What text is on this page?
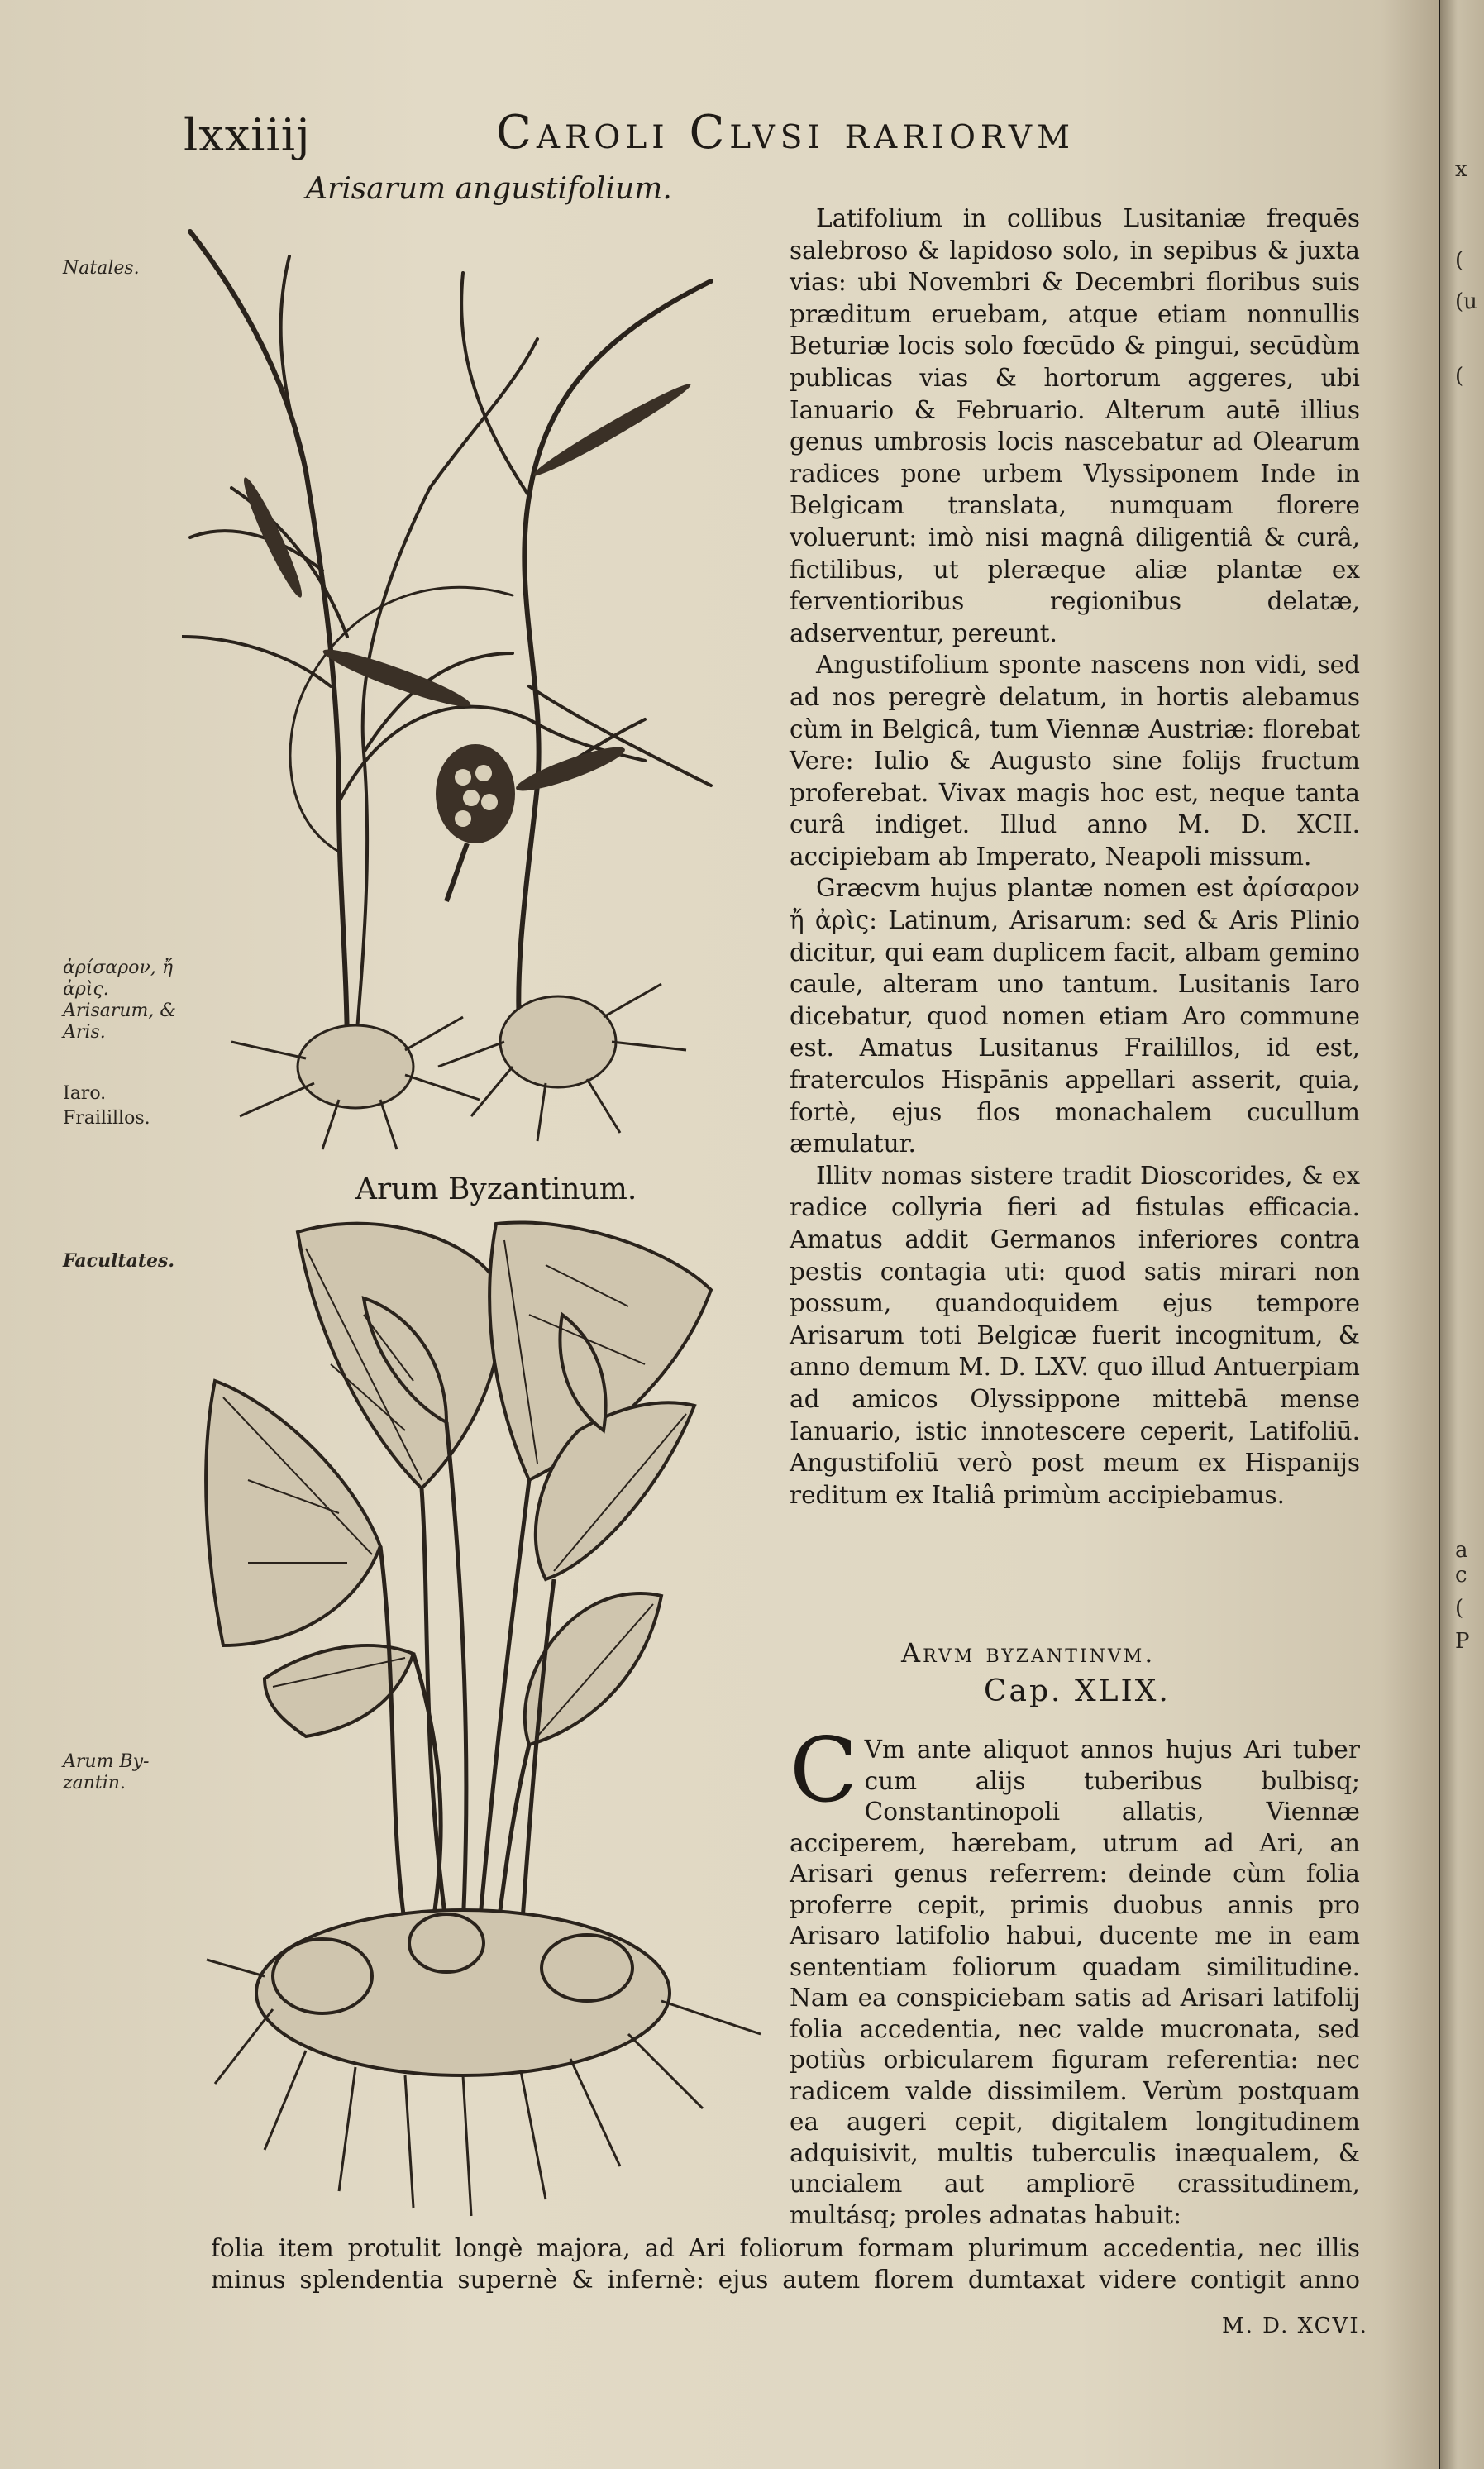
lxxiiij	Caroli Clvsi rariorvm
Arisarum angustifolium.
Arum Byzantinum.
Natales.
ἀρίσαρον, ἤ ἀρὶς.
Arisarum, & Aris.
Iaro.
Frailillos.
Facultates.
Arum By- zantin.

Latifolium in collibus Lusitaniæ frequēs salebroso & lapidoso solo, in sepibus & juxta vias: ubi Novembri & Decembri floribus suis præditum eruebam, atque etiam nonnullis Beturiæ locis solo fœcūdo & pingui, secūdùm publicas vias & hortorum aggeres, ubi Ianuario & Februario. Alterum autē illius genus umbrosis locis nascebatur ad Olearum radices pone urbem Vlyssiponem Inde in Belgicam translata, numquam florere voluerunt: imò nisi magnâ diligentiâ & curâ, fictilibus, ut pleræque aliæ plantæ ex ferventioribus regionibus delatæ, adserventur, pereunt.

Angustifolium sponte nascens non vidi, sed ad nos peregrè delatum, in hortis alebamus cùm in Belgicâ, tum Viennæ Austriæ: florebat Vere: Iulio & Augusto sine folijs fructum proferebat. Vivax magis hoc est, neque tanta curâ indiget. Illud anno M. D. XCII. accipiebam ab Imperato, Neapoli missum.

Græcvm hujus plantæ nomen est ἀρίσαρον ἤ ἀρὶς: Latinum, Arisarum: sed & Aris Plinio dicitur, qui eam duplicem facit, albam gemino caule, alteram uno tantum. Lusitanis Iaro dicebatur, quod nomen etiam Aro commune est. Amatus Lusitanus Frailillos, id est, fraterculos Hispānis appellari asserit, quia, fortè, ejus flos monachalem cucullum æmulatur.

Illitv nomas sistere tradit Dioscorides, & ex radice collyria fieri ad fistulas efficacia. Amatus addit Germanos inferiores contra pestis contagia uti: quod satis mirari non possum, quandoquidem ejus tempore Arisarum toti Belgicæ fuerit incognitum, & anno demum M. D. LXV. quo illud Antuerpiam ad amicos Olyssippone mittebā mense Ianuario, istic innotescere ceperit, Latifoliū. Angustifoliū verò post meum ex Hispanijs reditum ex Italiâ primùm accipiebamus.

Arvm byzantinvm.
Cap. XLIX.
C Vm ante aliquot annos hujus Ari tuber cum alijs tuberibus bulbisq; Constantinopoli allatis, Viennæ acciperem, hærebam, utrum ad Ari, an Arisari genus referrem: deinde cùm folia proferre cepit, primis duobus annis pro Arisaro latifolio habui, ducente me in eam sententiam foliorum quadam similitudine. Nam ea conspiciebam satis ad Arisari latifolij folia accedentia, nec valde mucronata, sed potiùs orbicularem figuram referentia: nec radicem valde dissimilem. Verùm postquam ea augeri cepit, digitalem longitudinem adquisivit, multis tuberculis inæqualem, & uncialem aut ampliorē crassitudinem, multásq; proles adnatas habuit:
folia item protulit longè majora, ad Ari foliorum formam plurimum accedentia, nec illis minus splendentia supernè & infernè: ejus autem florem dumtaxat videre contigit anno
M. D. XCVI.
x
(
(u
(
a
c
(
P
